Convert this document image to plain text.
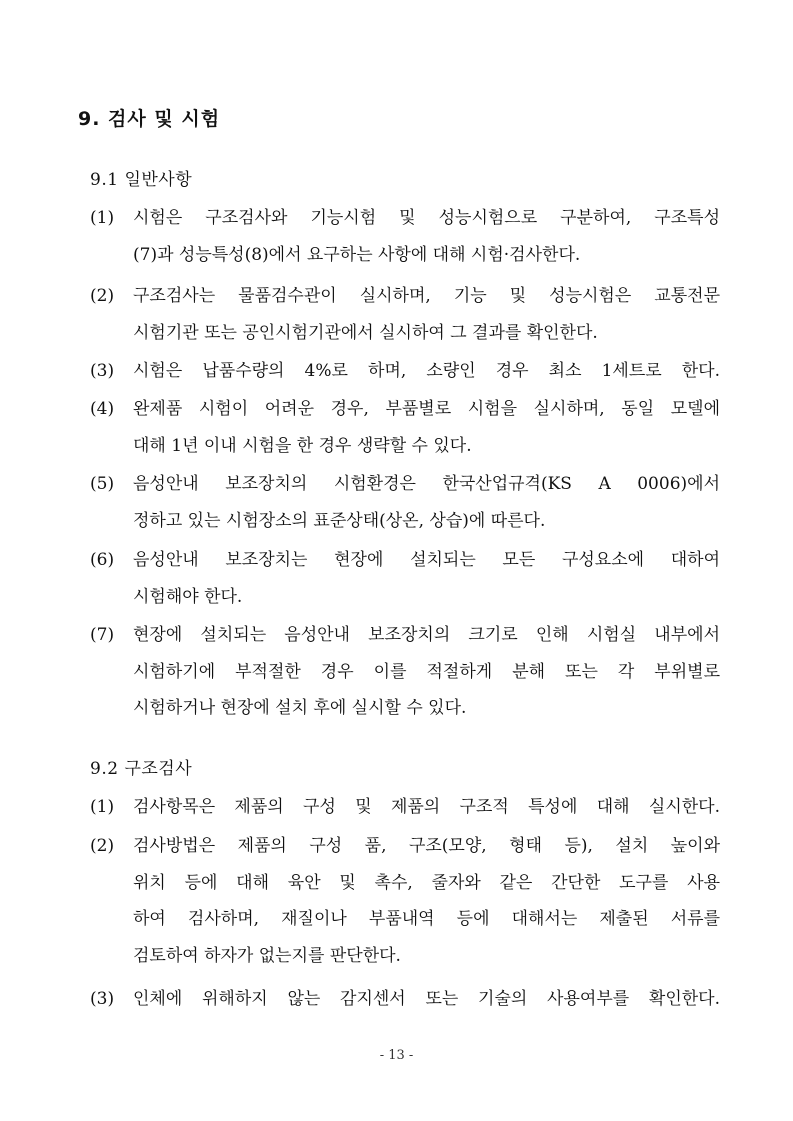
9. 검사 및 시험
9.1 일반사항
(1) 시험은 구조검사와 기능시험 및 성능시험으로 구분하여, 구조특성
(7)과 성능특성(8)에서 요구하는 사항에 대해 시험·검사한다.
(2) 구조검사는 물품검수관이 실시하며, 기능 및 성능시험은 교통전문
시험기관 또는 공인시험기관에서 실시하여 그 결과를 확인한다.
(3) 시험은 납품수량의 4%로 하며, 소량인 경우 최소 1세트로 한다.
(4) 완제품 시험이 어려운 경우, 부품별로 시험을 실시하며, 동일 모델에
대해 1년 이내 시험을 한 경우 생략할 수 있다.
(5) 음성안내 보조장치의 시험환경은 한국산업규격(KS A 0006)에서
정하고 있는 시험장소의 표준상태(상온, 상습)에 따른다.
(6) 음성안내 보조장치는 현장에 설치되는 모든 구성요소에 대하여
시험해야 한다.
(7) 현장에 설치되는 음성안내 보조장치의 크기로 인해 시험실 내부에서
시험하기에 부적절한 경우 이를 적절하게 분해 또는 각 부위별로
시험하거나 현장에 설치 후에 실시할 수 있다.
9.2 구조검사
(1) 검사항목은 제품의 구성 및 제품의 구조적 특성에 대해 실시한다.
(2) 검사방법은 제품의 구성 품, 구조(모양, 형태 등), 설치 높이와
위치 등에 대해 육안 및 촉수, 줄자와 같은 간단한 도구를 사용
하여 검사하며, 재질이나 부품내역 등에 대해서는 제출된 서류를
검토하여 하자가 없는지를 판단한다.
(3) 인체에 위해하지 않는 감지센서 또는 기술의 사용여부를 확인한다.
- 13 -
